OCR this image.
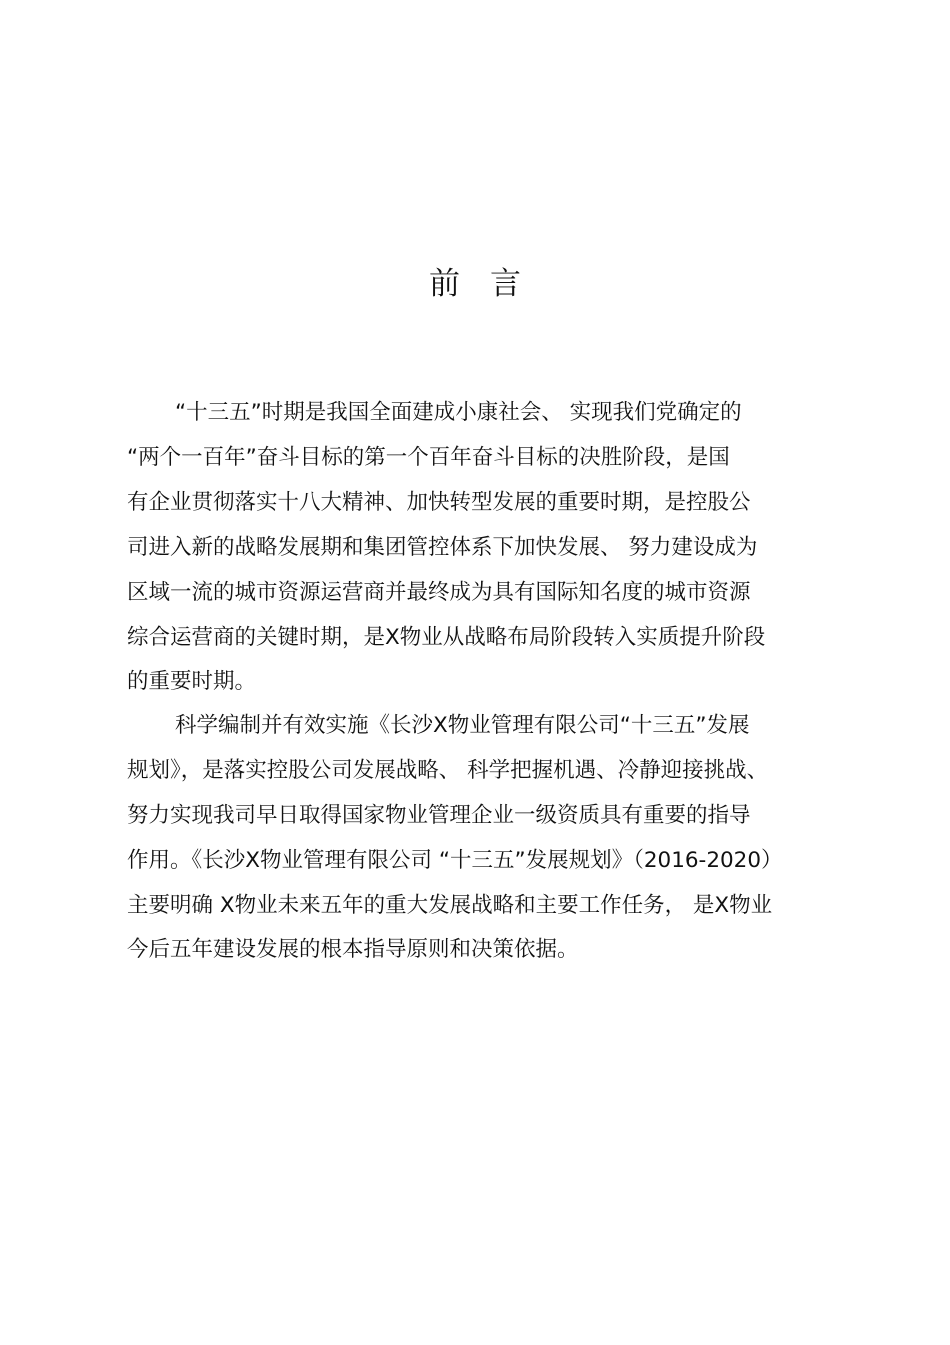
前言
“十三五”时期是我国全面建成小康社会、 实现我们党确定的
“两个一百年”奋斗目标的第一个百年奋斗目标的决胜阶段，是国
有企业贯彻落实十八大精神、加快转型发展的重要时期，是控股公
司进入新的战略发展期和集团管控体系下加快发展、 努力建设成为
区域一流的城市资源运营商并最终成为具有国际知名度的城市资源
综合运营商的关键时期，是X物业从战略布局阶段转入实质提升阶段
的重要时期。
科学编制并有效实施《长沙X物业管理有限公司“十三五”发展
规划》，是落实控股公司发展战略、 科学把握机遇、冷静迎接挑战、
努力实现我司早日取得国家物业管理企业一级资质具有重要的指导
作用。《长沙X物业管理有限公司 “十三五”发展规划》（2016-2020）
主要明确 X物业未来五年的重大发展战略和主要工作任务， 是X物业
今后五年建设发展的根本指导原则和决策依据。
